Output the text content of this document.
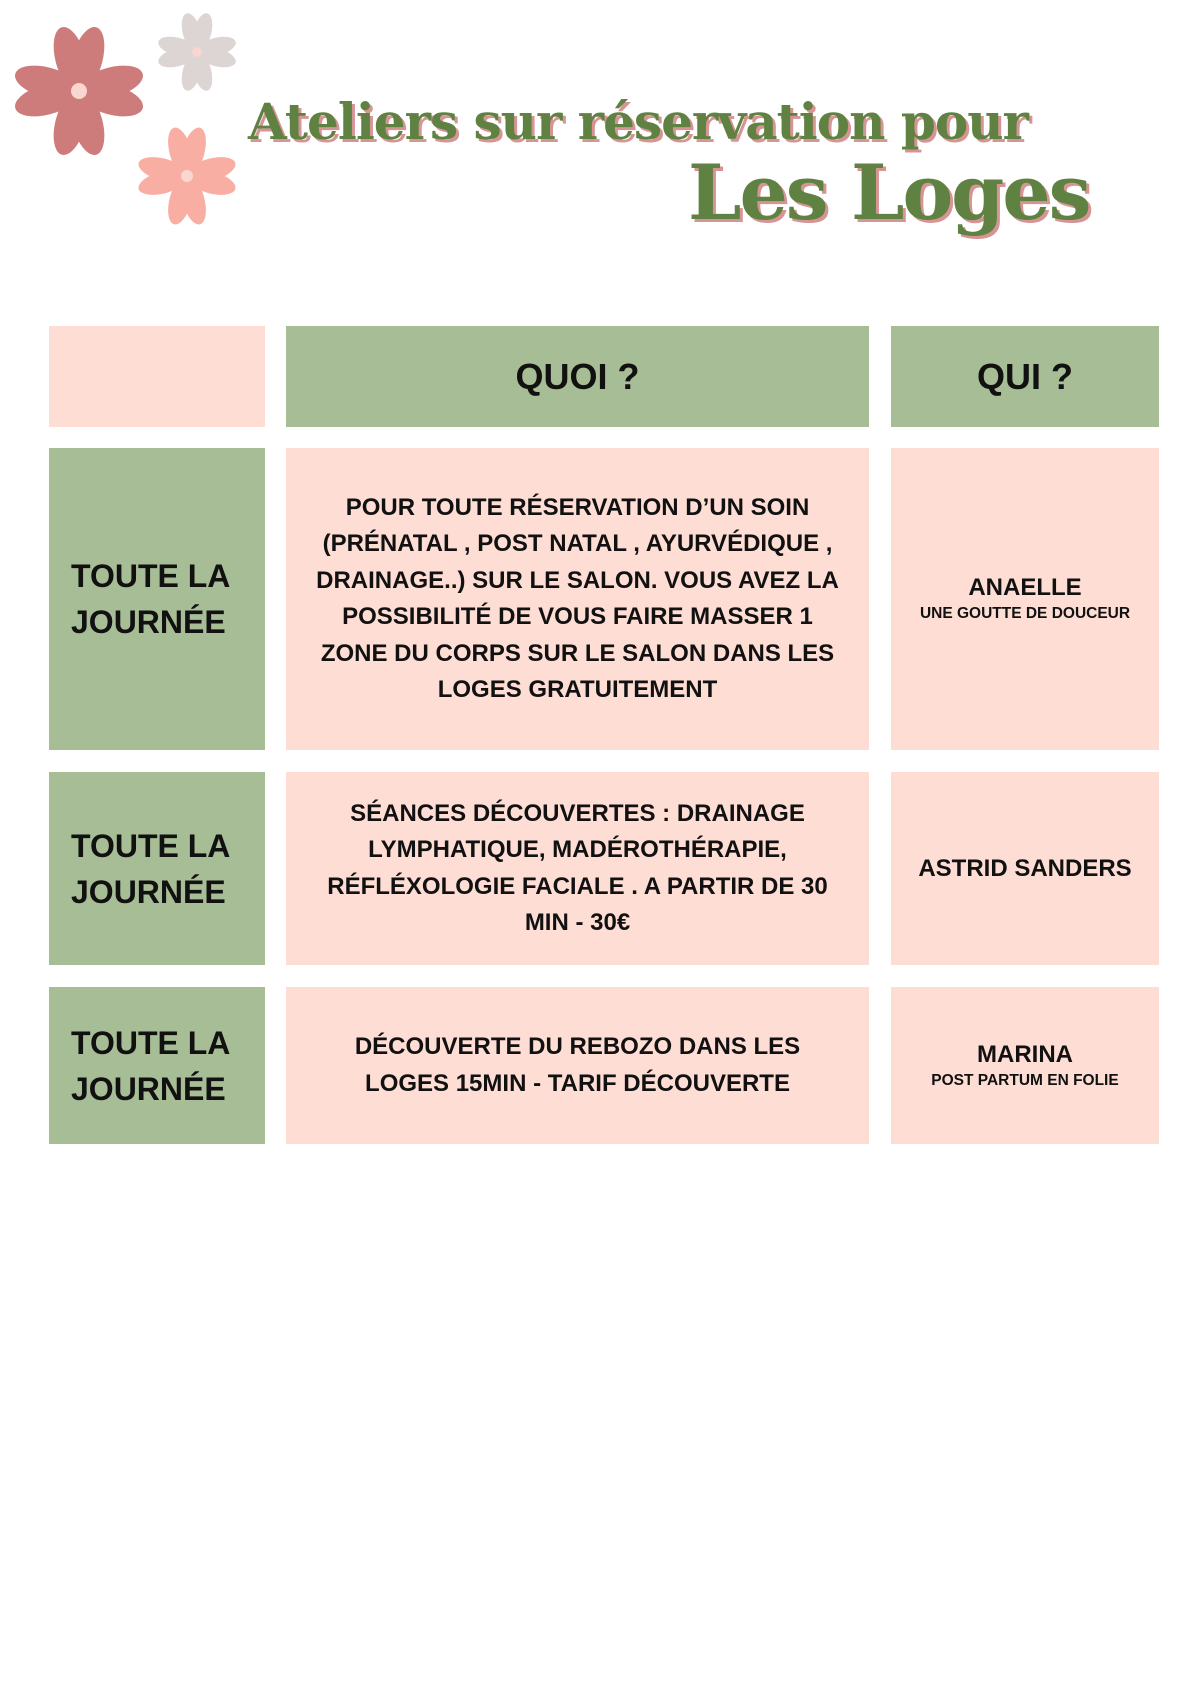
Ateliers sur réservation pour
Les Loges
QUOI ?	QUI ?
TOUTE LA JOURNÉE
POUR TOUTE RÉSERVATION D’UN SOIN (PRÉNATAL , POST NATAL , AYURVÉDIQUE , DRAINAGE..) SUR LE SALON. VOUS AVEZ LA POSSIBILITÉ DE VOUS FAIRE MASSER 1 ZONE DU CORPS SUR LE SALON DANS LES LOGES GRATUITEMENT
ANAELLE
UNE GOUTTE DE DOUCEUR
TOUTE LA JOURNÉE
SÉANCES DÉCOUVERTES : DRAINAGE LYMPHATIQUE, MADÉROTHÉRAPIE, RÉFLÉXOLOGIE FACIALE . A PARTIR DE 30 MIN - 30€
ASTRID SANDERS
TOUTE LA JOURNÉE
DÉCOUVERTE DU REBOZO DANS LES LOGES 15MIN - TARIF DÉCOUVERTE
MARINA
POST PARTUM EN FOLIE
